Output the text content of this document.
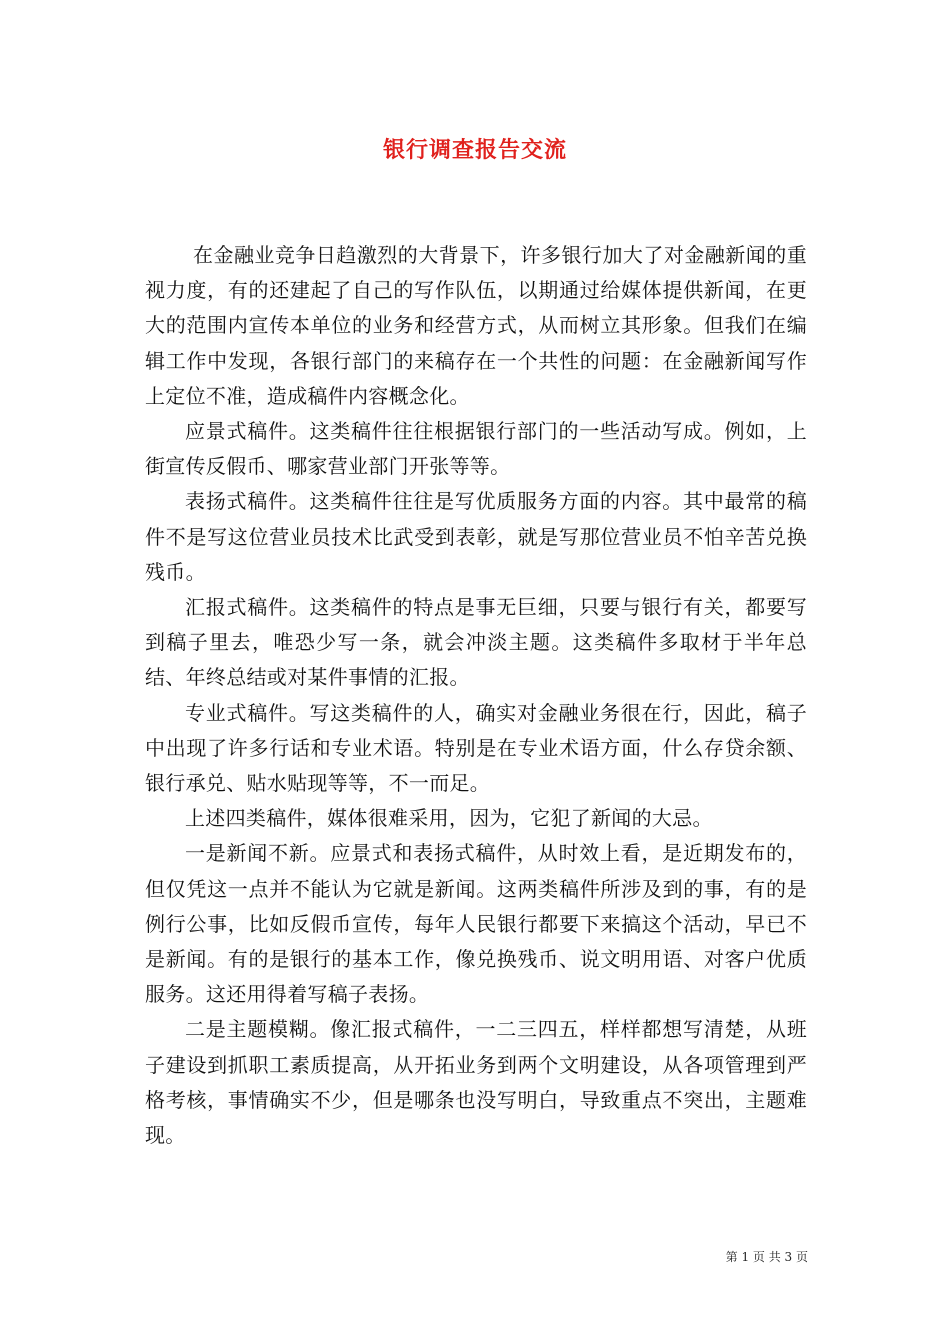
银行调查报告交流

在金融业竞争日趋激烈的大背景下，许多银行加大了对金融新闻的重视力度，有的还建起了自己的写作队伍，以期通过给媒体提供新闻，在更大的范围内宣传本单位的业务和经营方式，从而树立其形象。但我们在编辑工作中发现，各银行部门的来稿存在一个共性的问题：在金融新闻写作上定位不准，造成稿件内容概念化。

应景式稿件。这类稿件往往根据银行部门的一些活动写成。例如，上街宣传反假币、哪家营业部门开张等等。

表扬式稿件。这类稿件往往是写优质服务方面的内容。其中最常的稿件不是写这位营业员技术比武受到表彰，就是写那位营业员不怕辛苦兑换残币。

汇报式稿件。这类稿件的特点是事无巨细，只要与银行有关，都要写到稿子里去，唯恐少写一条，就会冲淡主题。这类稿件多取材于半年总结、年终总结或对某件事情的汇报。

专业式稿件。写这类稿件的人，确实对金融业务很在行，因此，稿子中出现了许多行话和专业术语。特别是在专业术语方面，什么存贷余额、银行承兑、贴水贴现等等，不一而足。

上述四类稿件，媒体很难采用，因为，它犯了新闻的大忌。

一是新闻不新。应景式和表扬式稿件，从时效上看，是近期发布的，但仅凭这一点并不能认为它就是新闻。这两类稿件所涉及到的事，有的是例行公事，比如反假币宣传，每年人民银行都要下来搞这个活动，早已不是新闻。有的是银行的基本工作，像兑换残币、说文明用语、对客户优质服务。这还用得着写稿子表扬。

二是主题模糊。像汇报式稿件，一二三四五，样样都想写清楚，从班子建设到抓职工素质提高，从开拓业务到两个文明建设，从各项管理到严格考核，事情确实不少，但是哪条也没写明白，导致重点不突出，主题难现。

第 1 页 共 3 页
